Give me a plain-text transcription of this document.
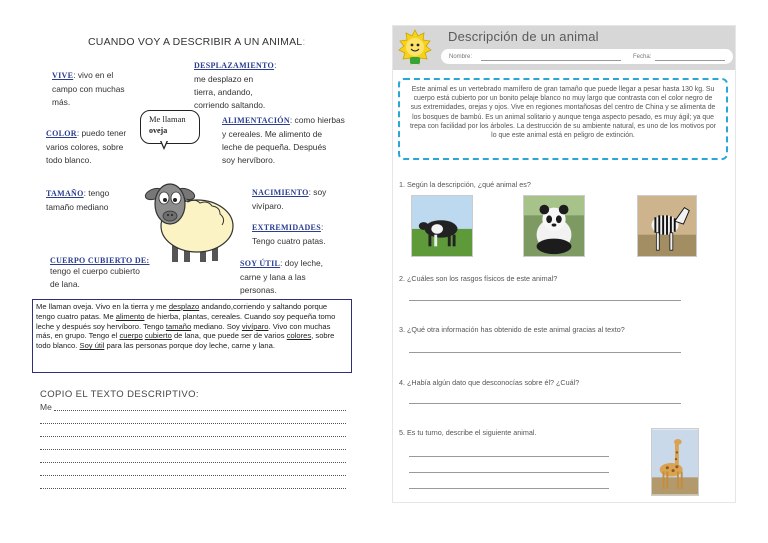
CUANDO VOY A DESCRIBIR A UN ANIMAL:
VIVE: vivo en el
campo con muchas
más.
COLOR: puedo tener
varios colores, sobre
todo blanco.
TAMAÑO: tengo
tamaño mediano
CUERPO CUBIERTO DE:
tengo el cuerpo cubierto
de lana.
DESPLAZAMIENTO:
me desplazo en
tierra, andando,
corriendo saltando.
ALIMENTACIÓN: como hierbas
y cereales. Me alimento de
leche de pequeña. Después
soy hervíboro.
NACIMIENTO: soy
vivíparo.
EXTREMIDADES:
Tengo cuatro patas.
SOY ÚTIL: doy leche,
carne y lana a las
personas.
Me llaman
oveja
Me llaman oveja. Vivo en la tierra y me desplazo andando,corriendo y saltando porque tengo cuatro patas. Me alimento de hierba, plantas, cereales. Cuando soy pequeña tomo leche y después soy hervíboro. Tengo tamaño mediano. Soy vivíparo. Vivo con muchas más, en grupo. Tengo el cuerpo cubierto de lana, que puede ser de varios colores, sobre todo blanco. Soy útil para las personas porque doy leche, carne y lana.
COPIO EL TEXTO DESCRIPTIVO:
Me
Descripción de un animal
Nombre:	Fecha:
Este animal es un vertebrado mamífero de gran tamaño que puede llegar a pesar hasta 130 kg. Su cuerpo está cubierto por un bonito pelaje blanco no muy largo que contrasta con el color negro de sus extremidades, orejas y ojos. Vive en regiones montañosas del centro de China y se alimenta de los bosques de bambú. Es un animal solitario y aunque tenga aspecto pesado, es muy ágil; ya que trepa con facilidad por los árboles. La destrucción de su ambiente natural, es uno de los motivos por lo que este animal está en peligro de extinción.
1. Según la descripción, ¿qué animal es?
2. ¿Cuáles son los rasgos físicos de este animal?
3. ¿Qué otra información has obtenido de este animal gracias al texto?
4. ¿Había algún dato que desconocías sobre él? ¿Cuál?
5. Es tu turno, describe el siguiente animal.
